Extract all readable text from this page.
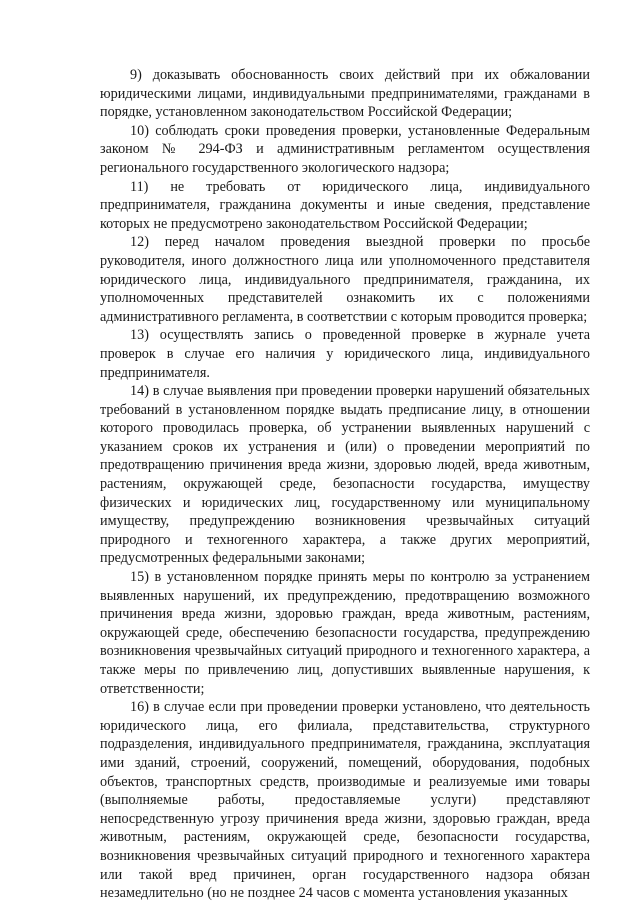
9) доказывать обоснованность своих действий при их обжаловании юридическими лицами, индивидуальными предпринимателями, гражданами в порядке, установленном законодательством Российской Федерации;

10) соблюдать сроки проведения проверки, установленные Федеральным законом № 294-ФЗ и административным регламентом осуществления регионального государственного экологического надзора;

11) не требовать от юридического лица, индивидуального предпринимателя, гражданина документы и иные сведения, представление которых не предусмотрено законодательством Российской Федерации;

12) перед началом проведения выездной проверки по просьбе руководителя, иного должностного лица или уполномоченного представителя юридического лица, индивидуального предпринимателя, гражданина, их уполномоченных представителей ознакомить их с положениями административного регламента, в соответствии с которым проводится проверка;

13) осуществлять запись о проведенной проверке в журнале учета проверок в случае его наличия у юридического лица, индивидуального предпринимателя.

14) в случае выявления при проведении проверки нарушений обязательных требований в установленном порядке выдать предписание лицу, в отношении которого проводилась проверка, об устранении выявленных нарушений с указанием сроков их устранения и (или) о проведении мероприятий по предотвращению причинения вреда жизни, здоровью людей, вреда животным, растениям, окружающей среде, безопасности государства, имуществу физических и юридических лиц, государственному или муниципальному имуществу, предупреждению возникновения чрезвычайных ситуаций природного и техногенного характера, а также других мероприятий, предусмотренных федеральными законами;

15) в установленном порядке принять меры по контролю за устранением выявленных нарушений, их предупреждению, предотвращению возможного причинения вреда жизни, здоровью граждан, вреда животным, растениям, окружающей среде, обеспечению безопасности государства, предупреждению возникновения чрезвычайных ситуаций природного и техногенного характера, а также меры по привлечению лиц, допустивших выявленные нарушения, к ответственности;

16) в случае если при проведении проверки установлено, что деятельность юридического лица, его филиала, представительства, структурного подразделения, индивидуального предпринимателя, гражданина, эксплуатация ими зданий, строений, сооружений, помещений, оборудования, подобных объектов, транспортных средств, производимые и реализуемые ими товары (выполняемые работы, предоставляемые услуги) представляют непосредственную угрозу причинения вреда жизни, здоровью граждан, вреда животным, растениям, окружающей среде, безопасности государства, возникновения чрезвычайных ситуаций природного и техногенного характера или такой вред причинен, орган государственного надзора обязан незамедлительно (но не позднее 24 часов с момента установления указанных
